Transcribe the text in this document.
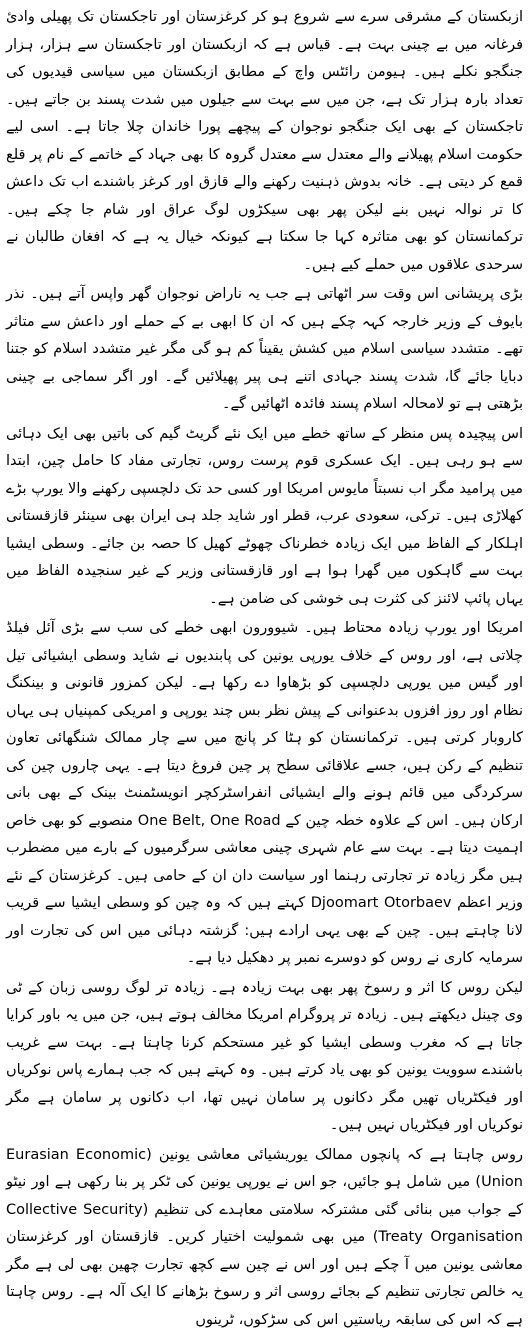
ازبکستان کے مشرقی سرے سے شروع ہو کر کرغزستان اور تاجکستان تک پھیلی وادیٔ فرغانہ میں بے چینی بہت ہے۔ قیاس ہے کہ ازبکستان اور تاجکستان سے ہزار، ہزار جنگجو نکلے ہیں۔ ہیومن رائٹس واچ کے مطابق ازبکستان میں سیاسی قیدیوں کی تعداد بارہ ہزار تک ہے، جن میں سے بہت سے جیلوں میں شدت پسند بن جاتے ہیں۔ تاجکستان کے بھی ایک جنگجو نوجوان کے پیچھے پورا خاندان چلا جاتا ہے۔ اسی لیے حکومت اسلام پھیلانے والے معتدل سے معتدل گروہ کا بھی جہاد کے خاتمے کے نام پر قلع قمع کر دیتی ہے۔ خانہ بدوش ذہنیت رکھنے والے قازق اور کرغز باشندے اب تک داعش کا تر نوالہ نہیں بنے لیکن پھر بھی سیکڑوں لوگ عراق اور شام جا چکے ہیں۔ ترکمانستان کو بھی متاثرہ کہا جا سکتا ہے کیونکہ خیال یہ ہے کہ افغان طالبان نے سرحدی علاقوں میں حملے کیے ہیں۔

بڑی پریشانی اس وقت سر اٹھاتی ہے جب یہ ناراض نوجوان گھر واپس آتے ہیں۔ نذر بایوف کے وزیر خارجہ کہہ چکے ہیں کہ ان کا ابھی بے کے حملے اور داعش سے متاثر تھے۔ متشدد سیاسی اسلام میں کشش یقیناً کم ہو گی مگر غیر متشدد اسلام کو جتنا دبایا جائے گا، شدت پسند جہادی اتنے ہی پیر پھیلائیں گے۔ اور اگر سماجی بے چینی بڑھتی ہے تو لامحالہ اسلام پسند فائدہ اٹھائیں گے۔

اس پیچیدہ پس منظر کے ساتھ خطے میں ایک نئے گریٹ گیم کی باتیں بھی ایک دہائی سے ہو رہی ہیں۔ ایک عسکری قوم پرست روس، تجارتی مفاد کا حامل چین، ابتدا میں پرامید مگر اب نسبتاً مایوس امریکا اور کسی حد تک دلچسپی رکھنے والا یورپ بڑے کھلاڑی ہیں۔ ترکی، سعودی عرب، قطر اور شاید جلد ہی ایران بھی سینئر قازقستانی اہلکار کے الفاظ میں ایک زیادہ خطرناک چھوٹے کھیل کا حصہ بن جائے۔ وسطی ایشیا بہت سے گاہکوں میں گھرا ہوا ہے اور قازقستانی وزیر کے غیر سنجیدہ الفاظ میں یہاں پائپ لائنز کی کثرت ہی خوشی کی ضامن ہے۔

امریکا اور یورپ زیادہ محتاط ہیں۔ شیوورون ابھی خطے کی سب سے بڑی آئل فیلڈ چلاتی ہے، اور روس کے خلاف یورپی یونین کی پابندیوں نے شاید وسطی ایشیائی تیل اور گیس میں یورپی دلچسپی کو بڑھاوا دے رکھا ہے۔ لیکن کمزور قانونی و بینکنگ نظام اور روز افزوں بدعنوانی کے پیش نظر بس چند یورپی و امریکی کمپنیاں ہی یہاں کاروبار کرتی ہیں۔ ترکمانستان کو ہٹا کر پانچ میں سے چار ممالک شنگھائی تعاون تنظیم کے رکن ہیں، جسے علاقائی سطح پر چین فروغ دیتا ہے۔ یہی چاروں چین کی سرکردگی میں قائم ہونے والے ایشیائی انفراسٹرکچر انویسٹمنٹ بینک کے بھی بانی ارکان ہیں۔ اس کے علاوہ خطہ چین کے One Belt, One Road منصوبے کو بھی خاص اہمیت دیتا ہے۔ بہت سے عام شہری چینی معاشی سرگرمیوں کے بارے میں مضطرب ہیں مگر زیادہ تر تجارتی رہنما اور سیاست دان ان کے حامی ہیں۔ کرغزستان کے نئے وزیر اعظم Djoomart Otorbaev کہتے ہیں کہ وہ چین کو وسطی ایشیا سے قریب لانا چاہتے ہیں۔ چین کے بھی یہی ارادے ہیں: گزشتہ دہائی میں اس کی تجارت اور سرمایہ کاری نے روس کو دوسرے نمبر پر دھکیل دیا ہے۔

لیکن روس کا اثر و رسوخ پھر بھی بہت زیادہ ہے۔ زیادہ تر لوگ روسی زبان کے ٹی وی چینل دیکھتے ہیں۔ زیادہ تر پروگرام امریکا مخالف ہوتے ہیں، جن میں یہ باور کرایا جاتا ہے کہ مغرب وسطی ایشیا کو غیر مستحکم کرنا چاہتا ہے۔ بہت سے غریب باشندے سوویت یونین کو بھی یاد کرتے ہیں۔ وہ کہتے ہیں کہ جب ہمارے پاس نوکریاں اور فیکٹریاں تھیں مگر دکانوں پر سامان نہیں تھا، اب دکانوں پر سامان ہے مگر نوکریاں اور فیکٹریاں نہیں ہیں۔

روس چاہتا ہے کہ پانچوں ممالک یوریشیائی معاشی یونین (Eurasian Economic Union) میں شامل ہو جائیں، جو اس نے یورپی یونین کی ٹکر پر بنا رکھی ہے اور نیٹو کے جواب میں بنائی گئی مشترکہ سلامتی معاہدے کی تنظیم (Collective Security Treaty Organisation) میں بھی شمولیت اختیار کریں۔ قازقستان اور کرغزستان معاشی یونین میں آ چکے ہیں اور اس نے چین سے کچھ تجارت چھین بھی لی ہے مگر یہ خالص تجارتی تنظیم کے بجائے روسی اثر و رسوخ بڑھانے کا ایک آلہ ہے۔ روس چاہتا ہے کہ اس کی سابقہ ریاستیں اس کی سڑکوں، ٹرینوں
